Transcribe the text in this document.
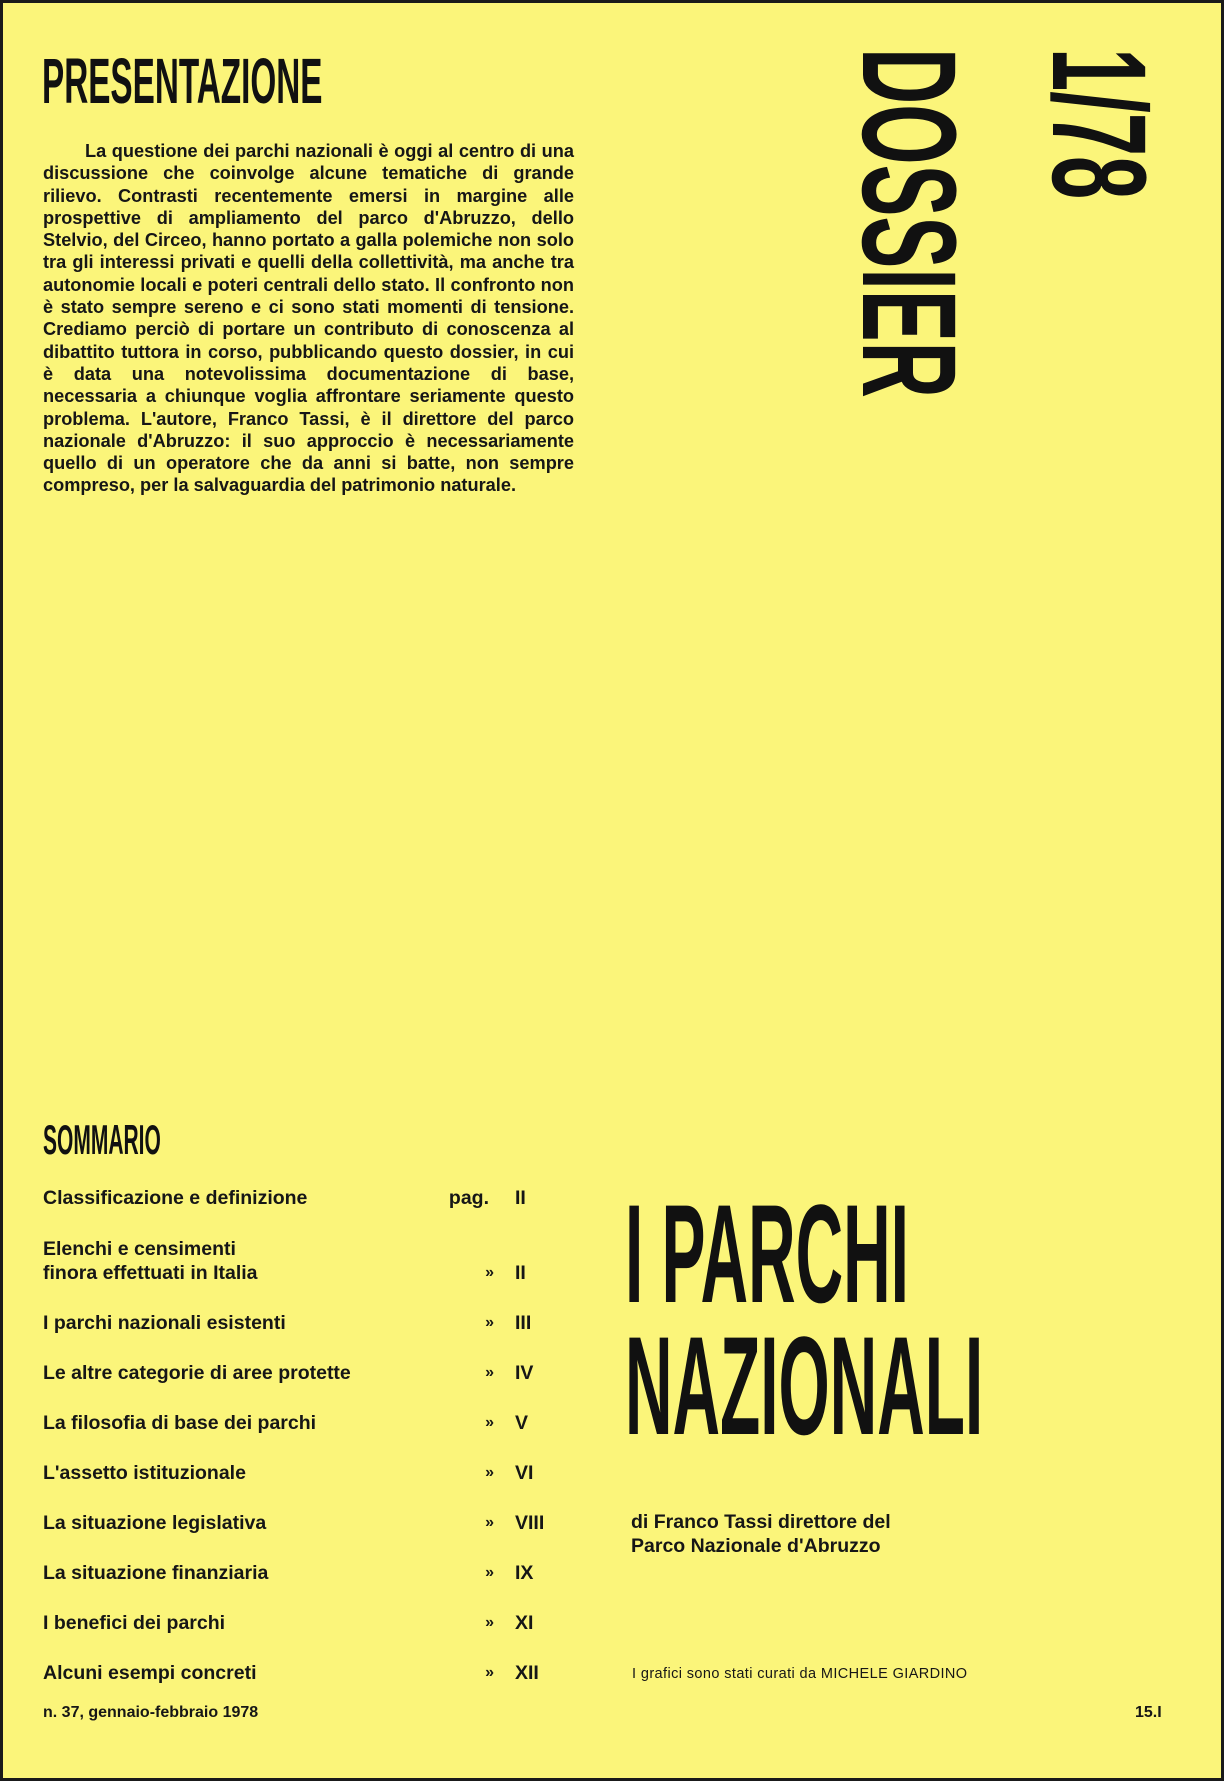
PRESENTAZIONE

La questione dei parchi nazionali è oggi al centro di una discussione che coinvolge alcune tematiche di grande rilievo. Contrasti recentemente emersi in margine alle prospettive di ampliamento del parco d'Abruzzo, dello Stelvio, del Circeo, hanno portato a galla polemiche non solo tra gli interessi privati e quelli della collettività, ma anche tra autonomie locali e poteri centrali dello stato. Il confronto non è stato sempre sereno e ci sono stati momenti di tensione. Crediamo perciò di portare un contributo di conoscenza al dibattito tuttora in corso, pubblicando questo dossier, in cui è data una notevolissima documentazione di base, necessaria a chiunque voglia affrontare seriamente questo problema. L'autore, Franco Tassi, è il direttore del parco nazionale d'Abruzzo: il suo approccio è necessariamente quello di un operatore che da anni si batte, non sempre compreso, per la salvaguardia del patrimonio naturale.

DOSSIER 1/78
SOMMARIO
Classificazione e definizione	pag. II
Elenchi e censimenti
finora effettuati in Italia	» II
I parchi nazionali esistenti	» III
Le altre categorie di aree protette	» IV
La filosofia di base dei parchi	» V
L'assetto istituzionale	» VI
La situazione legislativa	» VIII
La situazione finanziaria	» IX
I benefici dei parchi	» XI
Alcuni esempi concreti	» XII
I PARCHI
NAZIONALI
di Franco Tassi direttore del
Parco Nazionale d'Abruzzo
I grafici sono stati curati da MICHELE GIARDINO
n. 37, gennaio-febbraio 1978	15.I
